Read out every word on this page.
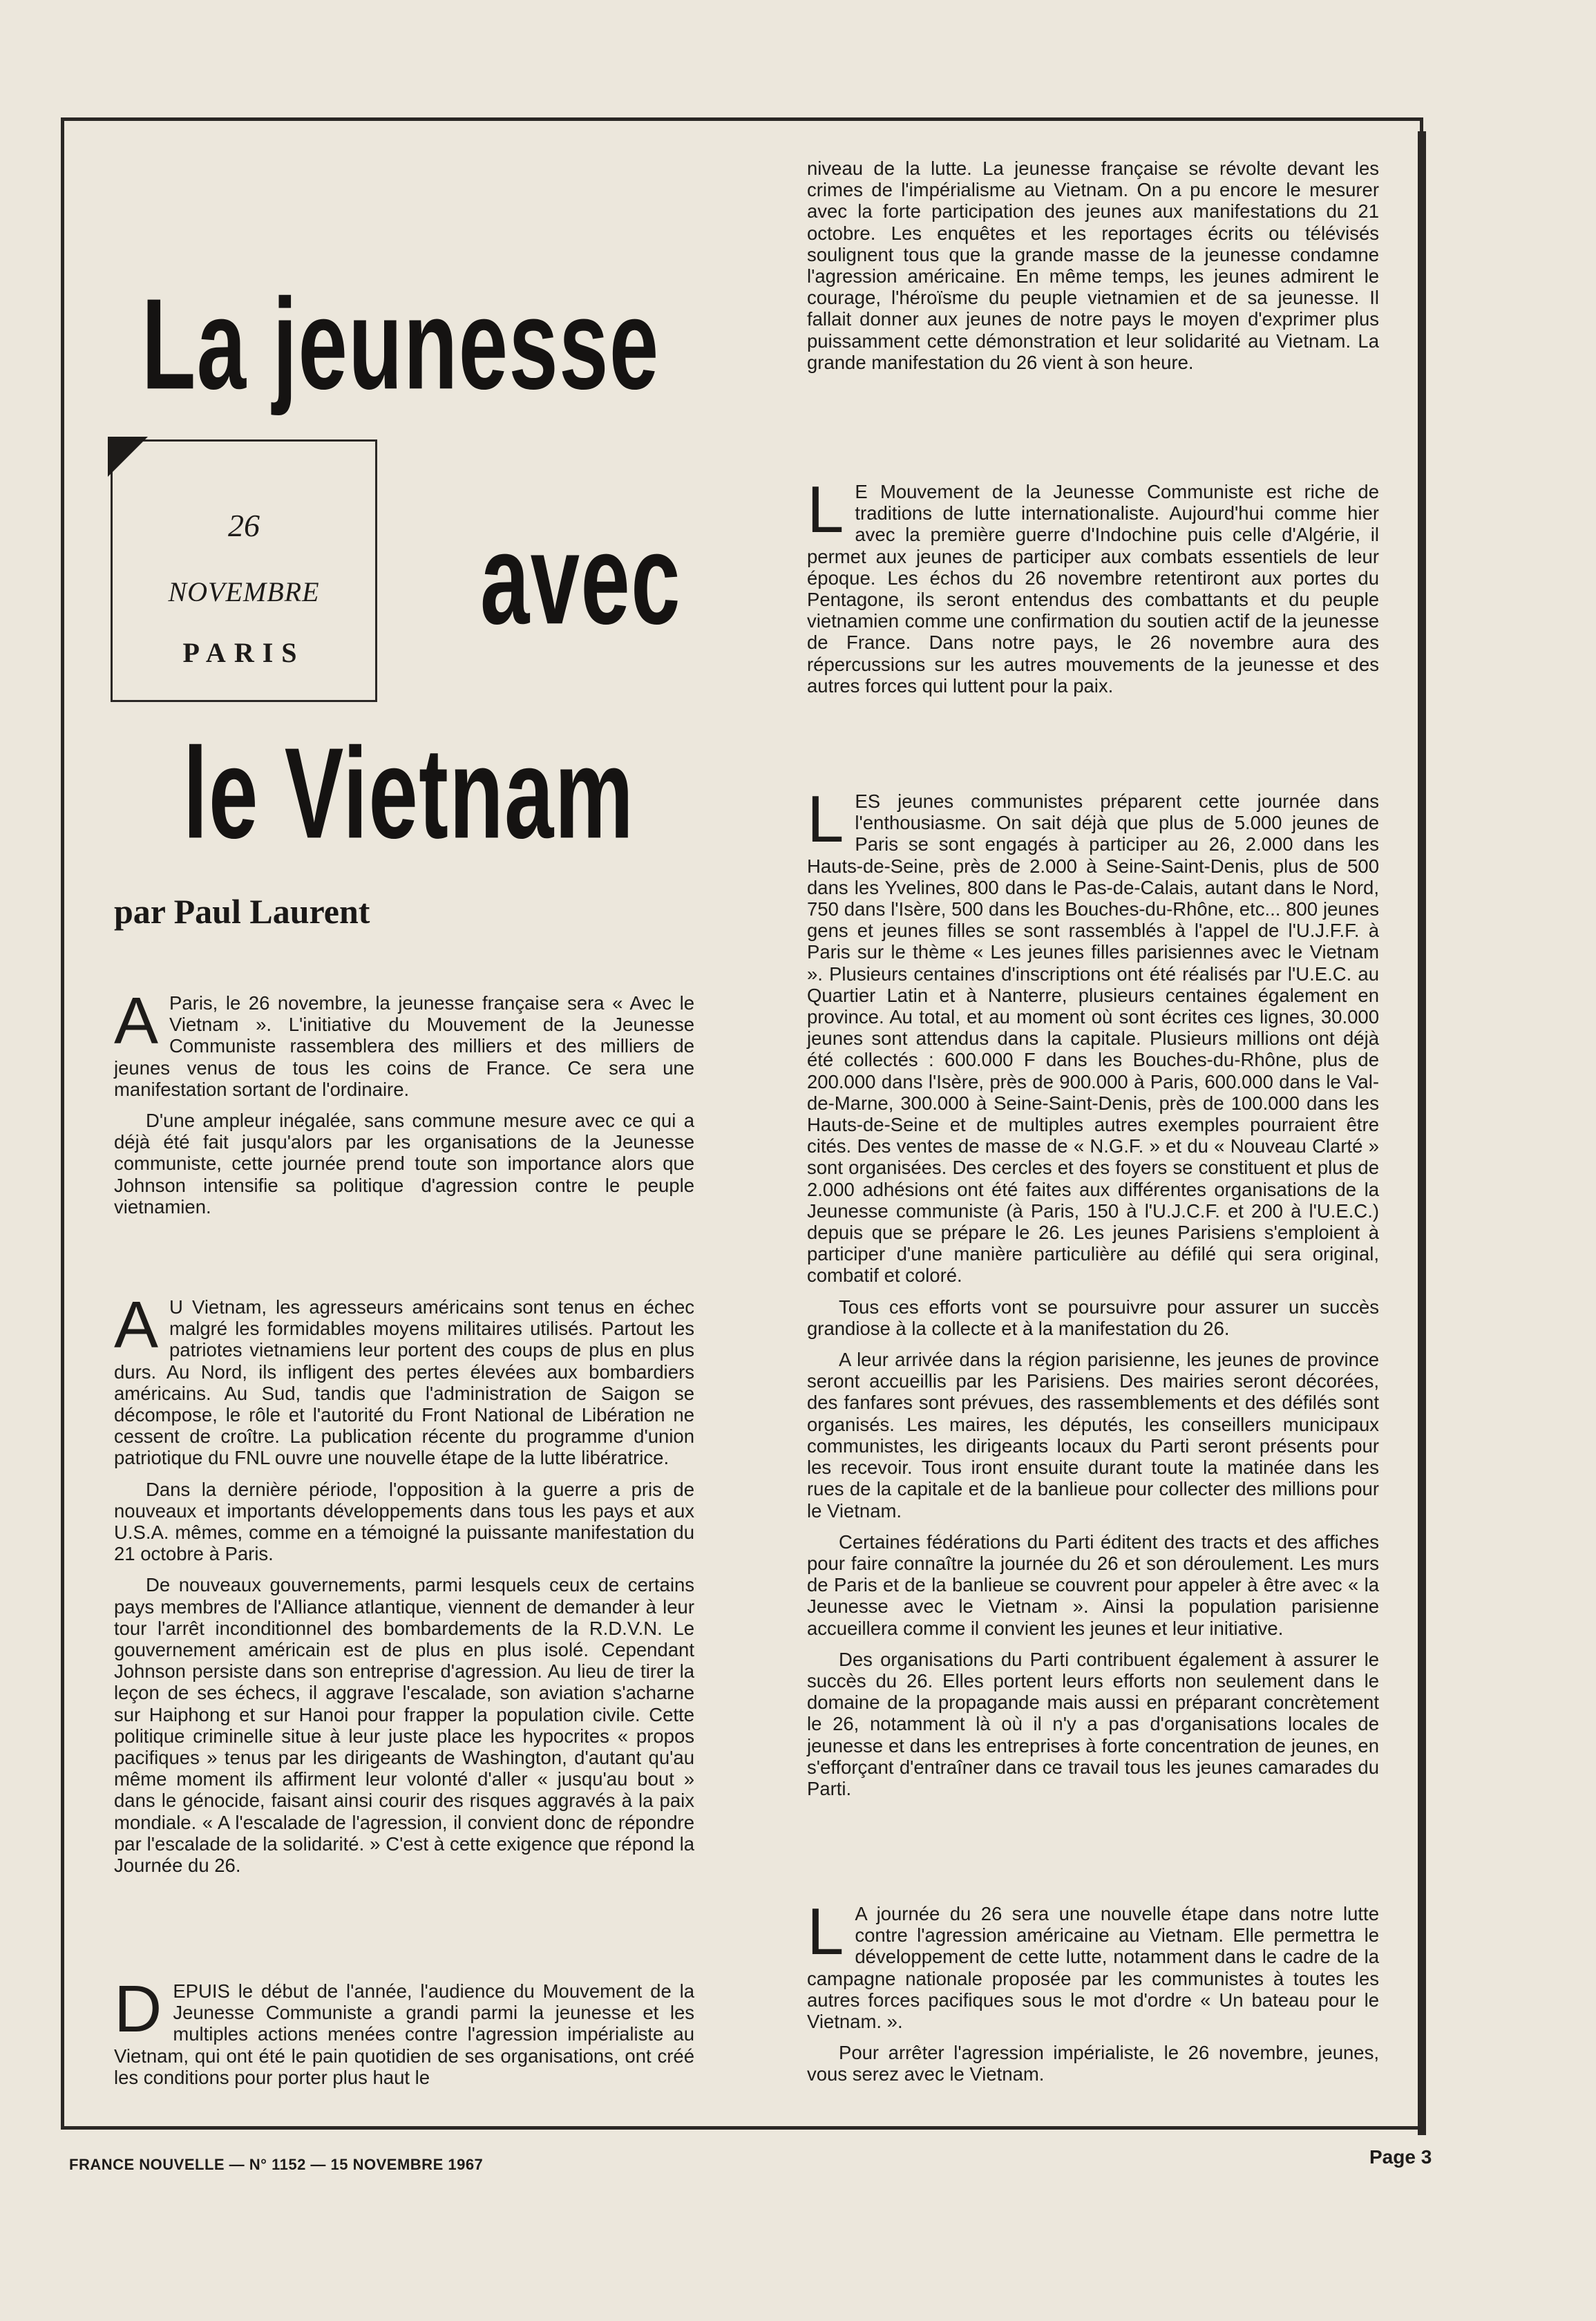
La jeunesse
avec
le Vietnam
26
NOVEMBRE
PARIS
par Paul Laurent

A Paris, le 26 novembre, la jeunesse française sera « Avec le Vietnam ». L'initiative du Mouvement de la Jeunesse Communiste rassemblera des milliers et des milliers de jeunes venus de tous les coins de France. Ce sera une manifestation sortant de l'ordinaire.

D'une ampleur inégalée, sans commune mesure avec ce qui a déjà été fait jusqu'alors par les organisations de la Jeunesse communiste, cette journée prend toute son importance alors que Johnson intensifie sa politique d'agression contre le peuple vietnamien.

A U Vietnam, les agresseurs américains sont tenus en échec malgré les formidables moyens militaires utilisés. Partout les patriotes vietnamiens leur portent des coups de plus en plus durs. Au Nord, ils infligent des pertes élevées aux bombardiers américains. Au Sud, tandis que l'administration de Saigon se décompose, le rôle et l'autorité du Front National de Libération ne cessent de croître. La publication récente du programme d'union patriotique du FNL ouvre une nouvelle étape de la lutte libératrice.

Dans la dernière période, l'opposition à la guerre a pris de nouveaux et importants développements dans tous les pays et aux U.S.A. mêmes, comme en a témoigné la puissante manifestation du 21 octobre à Paris.

De nouveaux gouvernements, parmi lesquels ceux de certains pays membres de l'Alliance atlantique, viennent de demander à leur tour l'arrêt inconditionnel des bombardements de la R.D.V.N. Le gouvernement américain est de plus en plus isolé. Cependant Johnson persiste dans son entreprise d'agression. Au lieu de tirer la leçon de ses échecs, il aggrave l'escalade, son aviation s'acharne sur Haiphong et sur Hanoi pour frapper la population civile. Cette politique criminelle situe à leur juste place les hypocrites « propos pacifiques » tenus par les dirigeants de Washington, d'autant qu'au même moment ils affirment leur volonté d'aller « jusqu'au bout » dans le génocide, faisant ainsi courir des risques aggravés à la paix mondiale. « A l'escalade de l'agression, il convient donc de répondre par l'escalade de la solidarité. » C'est à cette exigence que répond la Journée du 26.

DEPUIS le début de l'année, l'audience du Mouvement de la Jeunesse Communiste a grandi parmi la jeunesse et les multiples actions menées contre l'agression impérialiste au Vietnam, qui ont été le pain quotidien de ses organisations, ont créé les conditions pour porter plus haut le

niveau de la lutte. La jeunesse française se révolte devant les crimes de l'impérialisme au Vietnam. On a pu encore le mesurer avec la forte participation des jeunes aux manifestations du 21 octobre. Les enquêtes et les reportages écrits ou télévisés soulignent tous que la grande masse de la jeunesse condamne l'agression américaine. En même temps, les jeunes admirent le courage, l'héroïsme du peuple vietnamien et de sa jeunesse. Il fallait donner aux jeunes de notre pays le moyen d'exprimer plus puissamment cette démonstration et leur solidarité au Vietnam. La grande manifestation du 26 vient à son heure.

L E Mouvement de la Jeunesse Communiste est riche de traditions de lutte internationaliste. Aujourd'hui comme hier avec la première guerre d'Indochine puis celle d'Algérie, il permet aux jeunes de participer aux combats essentiels de leur époque. Les échos du 26 novembre retentiront aux portes du Pentagone, ils seront entendus des combattants et du peuple vietnamien comme une confirmation du soutien actif de la jeunesse de France. Dans notre pays, le 26 novembre aura des répercussions sur les autres mouvements de la jeunesse et des autres forces qui luttent pour la paix.

LES jeunes communistes préparent cette journée dans l'enthousiasme. On sait déjà que plus de 5.000 jeunes de Paris se sont engagés à participer au 26, 2.000 dans les Hauts-de-Seine, près de 2.000 à Seine-Saint-Denis, plus de 500 dans les Yvelines, 800 dans le Pas-de-Calais, autant dans le Nord, 750 dans l'Isère, 500 dans les Bouches-du-Rhône, etc... 800 jeunes gens et jeunes filles se sont rassemblés à l'appel de l'U.J.F.F. à Paris sur le thème « Les jeunes filles parisiennes avec le Vietnam ». Plusieurs centaines d'inscriptions ont été réalisés par l'U.E.C. au Quartier Latin et à Nanterre, plusieurs centaines également en province. Au total, et au moment où sont écrites ces lignes, 30.000 jeunes sont attendus dans la capitale. Plusieurs millions ont déjà été collectés : 600.000 F dans les Bouches-du-Rhône, plus de 200.000 dans l'Isère, près de 900.000 à Paris, 600.000 dans le Val-de-Marne, 300.000 à Seine-Saint-Denis, près de 100.000 dans les Hauts-de-Seine et de multiples autres exemples pourraient être cités. Des ventes de masse de « N.G.F. » et du « Nouveau Clarté » sont organisées. Des cercles et des foyers se constituent et plus de 2.000 adhésions ont été faites aux différentes organisations de la Jeunesse communiste (à Paris, 150 à l'U.J.C.F. et 200 à l'U.E.C.) depuis que se prépare le 26. Les jeunes Parisiens s'emploient à participer d'une manière particulière au défilé qui sera original, combatif et coloré.

Tous ces efforts vont se poursuivre pour assurer un succès grandiose à la collecte et à la manifestation du 26.

A leur arrivée dans la région parisienne, les jeunes de province seront accueillis par les Parisiens. Des mairies seront décorées, des fanfares sont prévues, des rassemblements et des défilés sont organisés. Les maires, les députés, les conseillers municipaux communistes, les dirigeants locaux du Parti seront présents pour les recevoir. Tous iront ensuite durant toute la matinée dans les rues de la capitale et de la banlieue pour collecter des millions pour le Vietnam.

Certaines fédérations du Parti éditent des tracts et des affiches pour faire connaître la journée du 26 et son déroulement. Les murs de Paris et de la banlieue se couvrent pour appeler à être avec « la Jeunesse avec le Vietnam ». Ainsi la population parisienne accueillera comme il convient les jeunes et leur initiative.

Des organisations du Parti contribuent également à assurer le succès du 26. Elles portent leurs efforts non seulement dans le domaine de la propagande mais aussi en préparant concrètement le 26, notamment là où il n'y a pas d'organisations locales de jeunesse et dans les entreprises à forte concentration de jeunes, en s'efforçant d'entraîner dans ce travail tous les jeunes camarades du Parti.

L A journée du 26 sera une nouvelle étape dans notre lutte contre l'agression américaine au Vietnam. Elle permettra le développement de cette lutte, notamment dans le cadre de la campagne nationale proposée par les communistes à toutes les autres forces pacifiques sous le mot d'ordre « Un bateau pour le Vietnam. ».

Pour arrêter l'agression impérialiste, le 26 novembre, jeunes, vous serez avec le Vietnam.

FRANCE NOUVELLE — N° 1152 — 15 NOVEMBRE 1967	Page 3
